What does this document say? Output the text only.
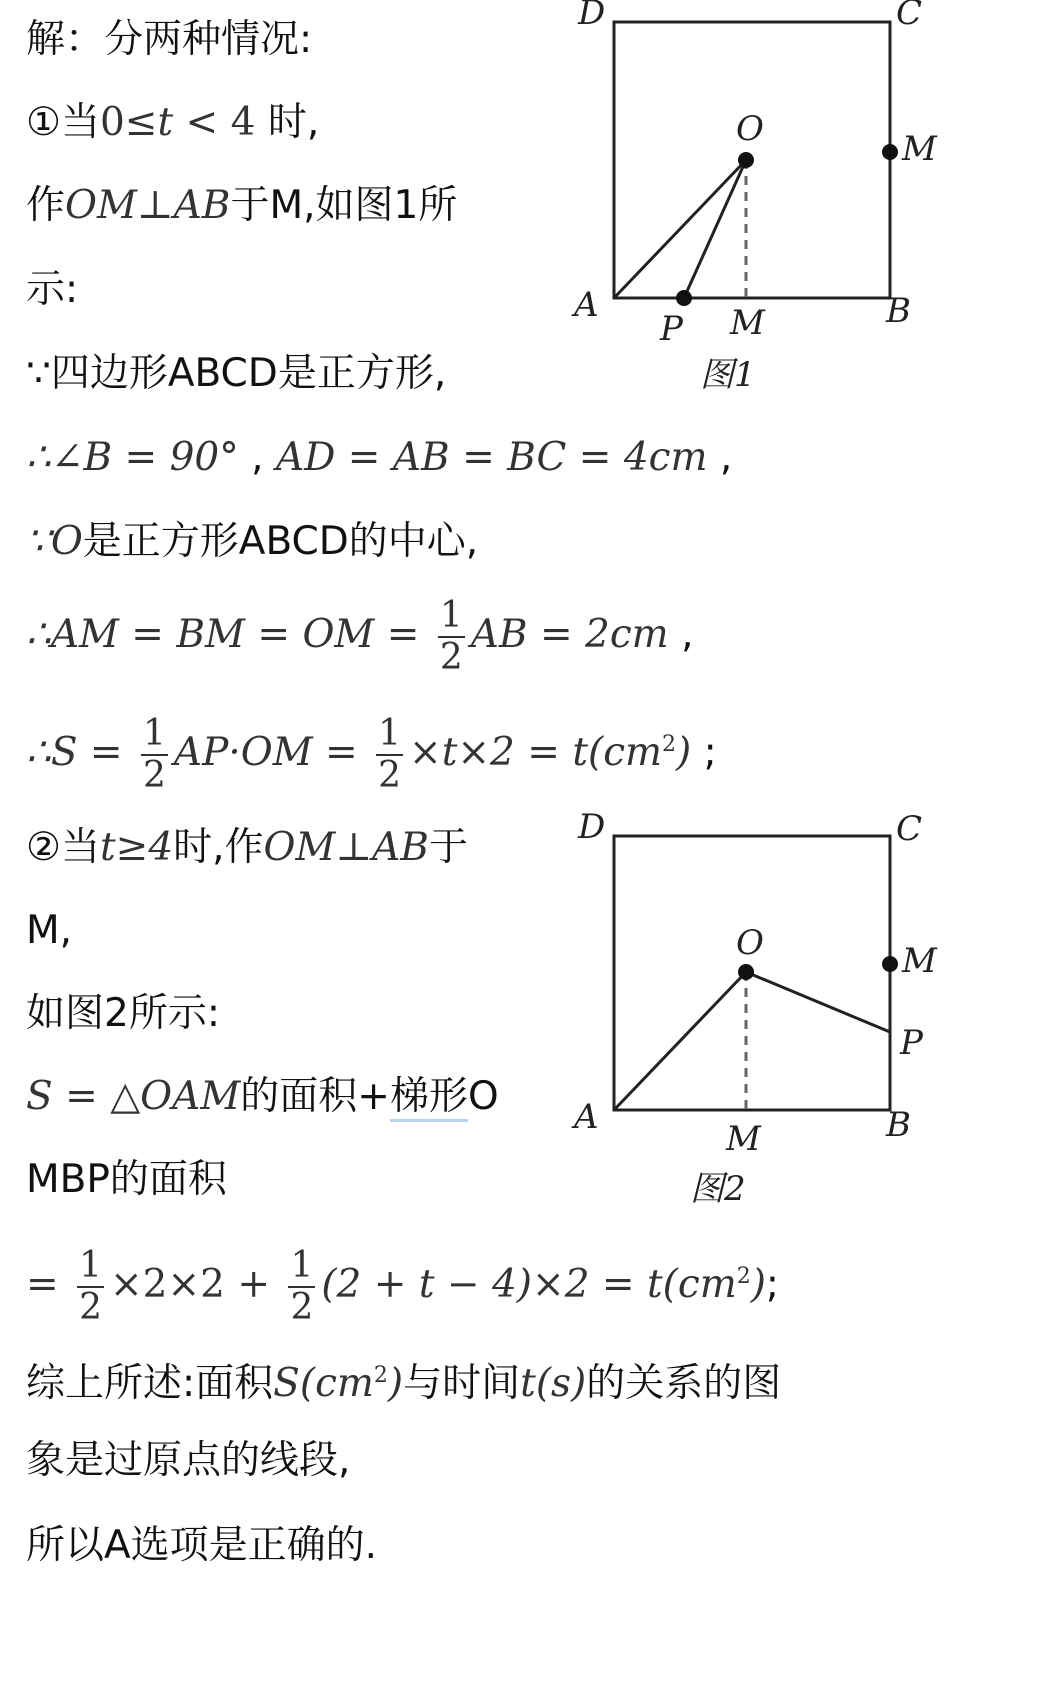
解：分两种情况:
①当0≤t < 4 时,
作OM⊥AB于M,如图1所
示:
∵四边形ABCD是正方形,
∴∠B = 90° , AD = AB = BC = 4cm ,
∵O是正方形ABCD的中心,
∴AM = BM = OM = $\frac{1}{2}$ AB = 2cm ,
∴S = $\frac{1}{2} AP\cdot OM = \frac{1}{2} \times t\times 2 = t(cm^2)$ ;
②当t≥4时,作OM⊥AB于
M,
如图2所示:
S = △OAM的面积+梯形O
MBP的面积
= $\frac{1}{2} \times 2\times 2 + \frac{1}{2} (2 + t - 4)\times 2 = t(cm^2)$;
综上所述:面积$S(cm^2)$与时间t(s)的关系的图
象是过原点的线段,
所以A选项是正确的.
D	C
O	M
A	B
P M
图1
D	C
O	M
P
A	B
M
图2
